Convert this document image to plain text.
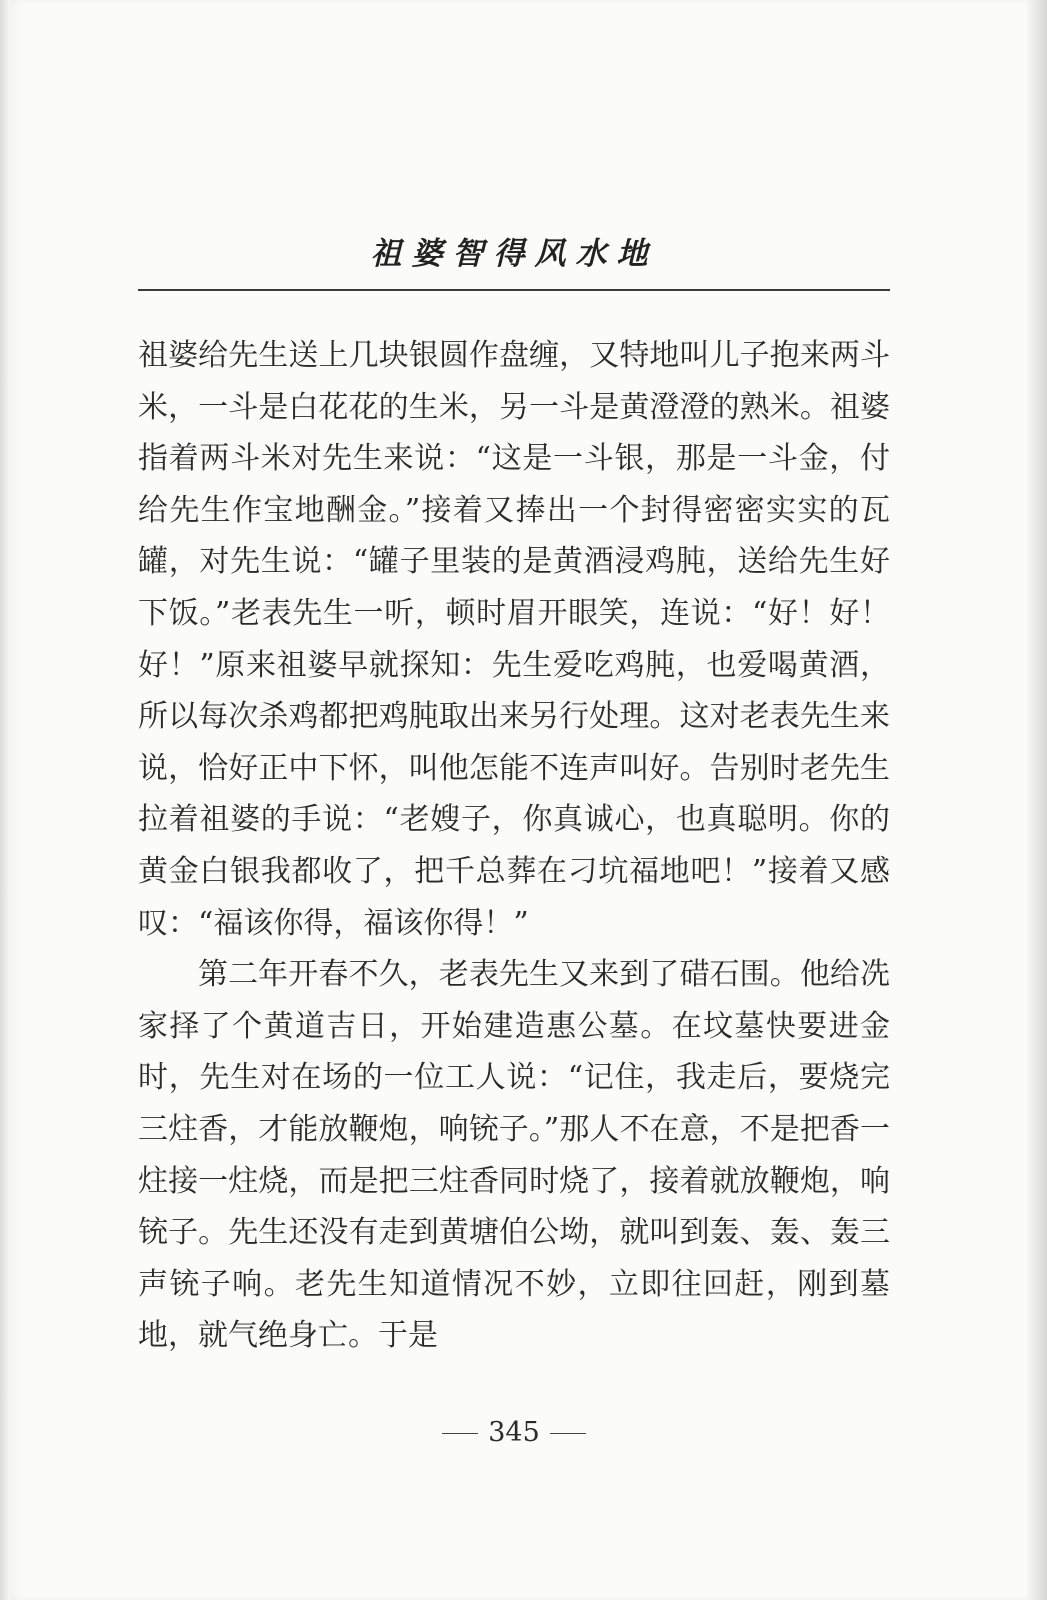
祖婆智得风水地

祖婆给先生送上几块银圆作盘缠，又特地叫儿子抱来两斗米，一斗是白花花的生米，另一斗是黄澄澄的熟米。祖婆指着两斗米对先生来说：“这是一斗银，那是一斗金，付给先生作宝地酬金。”接着又捧出一个封得密密实实的瓦罐，对先生说：“罐子里装的是黄酒浸鸡肫，送给先生好下饭。”老表先生一听，顿时眉开眼笑，连说：“好！好！好！”原来祖婆早就探知：先生爱吃鸡肫，也爱喝黄酒，所以每次杀鸡都把鸡肫取出来另行处理。这对老表先生来说，恰好正中下怀，叫他怎能不连声叫好。告别时老先生拉着祖婆的手说：“老嫂子，你真诚心，也真聪明。你的黄金白银我都收了，把千总葬在刁坑福地吧！”接着又感叹：“福该你得，福该你得！”

第二年开春不久，老表先生又来到了碏石围。他给冼家择了个黄道吉日，开始建造惠公墓。在坟墓快要进金时，先生对在场的一位工人说：“记住，我走后，要烧完三炷香，才能放鞭炮，响铳子。”那人不在意，不是把香一炷接一炷烧，而是把三炷香同时烧了，接着就放鞭炮，响铳子。先生还没有走到黄塘伯公坳，就叫到轰、轰、轰三声铳子响。老先生知道情况不妙，立即往回赶，刚到墓地，就气绝身亡。于是

345
